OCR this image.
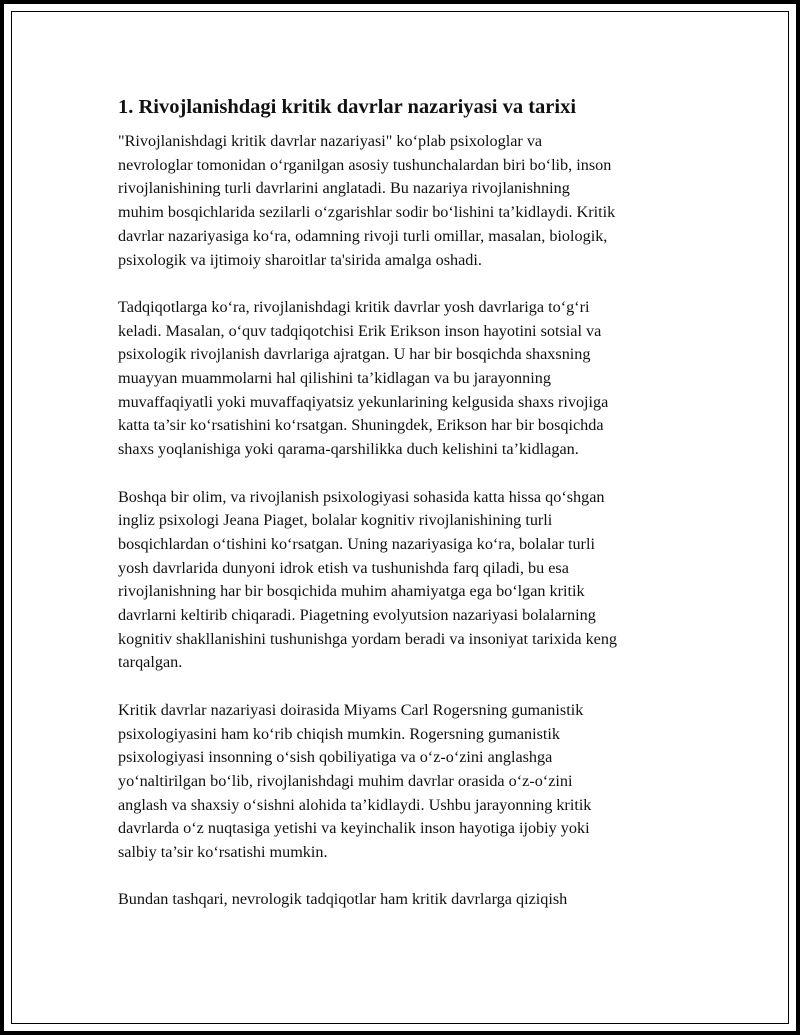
1. Rivojlanishdagi kritik davrlar nazariyasi va tarixi

"Rivojlanishdagi kritik davrlar nazariyasi" ko‘plab psixologlar va
nevrologlar tomonidan o‘rganilgan asosiy tushunchalardan biri bo‘lib, inson
rivojlanishining turli davrlarini anglatadi. Bu nazariya rivojlanishning
muhim bosqichlarida sezilarli o‘zgarishlar sodir bo‘lishini ta’kidlaydi. Kritik
davrlar nazariyasiga ko‘ra, odamning rivoji turli omillar, masalan, biologik,
psixologik va ijtimoiy sharoitlar ta'sirida amalga oshadi.

Tadqiqotlarga ko‘ra, rivojlanishdagi kritik davrlar yosh davrlariga to‘g‘ri
keladi. Masalan, o‘quv tadqiqotchisi Erik Erikson inson hayotini sotsial va
psixologik rivojlanish davrlariga ajratgan. U har bir bosqichda shaxsning
muayyan muammolarni hal qilishini ta’kidlagan va bu jarayonning
muvaffaqiyatli yoki muvaffaqiyatsiz yekunlarining kelgusida shaxs rivojiga
katta ta’sir ko‘rsatishini ko‘rsatgan. Shuningdek, Erikson har bir bosqichda
shaxs yoqlanishiga yoki qarama-qarshilikka duch kelishini ta’kidlagan.

Boshqa bir olim, va rivojlanish psixologiyasi sohasida katta hissa qo‘shgan
ingliz psixologi Jeana Piaget, bolalar kognitiv rivojlanishining turli
bosqichlardan o‘tishini ko‘rsatgan. Uning nazariyasiga ko‘ra, bolalar turli
yosh davrlarida dunyoni idrok etish va tushunishda farq qiladi, bu esa
rivojlanishning har bir bosqichida muhim ahamiyatga ega bo‘lgan kritik
davrlarni keltirib chiqaradi. Piagetning evolyutsion nazariyasi bolalarning
kognitiv shakllanishini tushunishga yordam beradi va insoniyat tarixida keng
tarqalgan.

Kritik davrlar nazariyasi doirasida Miyams Carl Rogersning gumanistik
psixologiyasini ham ko‘rib chiqish mumkin. Rogersning gumanistik
psixologiyasi insonning o‘sish qobiliyatiga va o‘z-o‘zini anglashga
yo‘naltirilgan bo‘lib, rivojlanishdagi muhim davrlar orasida o‘z-o‘zini
anglash va shaxsiy o‘sishni alohida ta’kidlaydi. Ushbu jarayonning kritik
davrlarda o‘z nuqtasiga yetishi va keyinchalik inson hayotiga ijobiy yoki
salbiy ta’sir ko‘rsatishi mumkin.

Bundan tashqari, nevrologik tadqiqotlar ham kritik davrlarga qiziqish
